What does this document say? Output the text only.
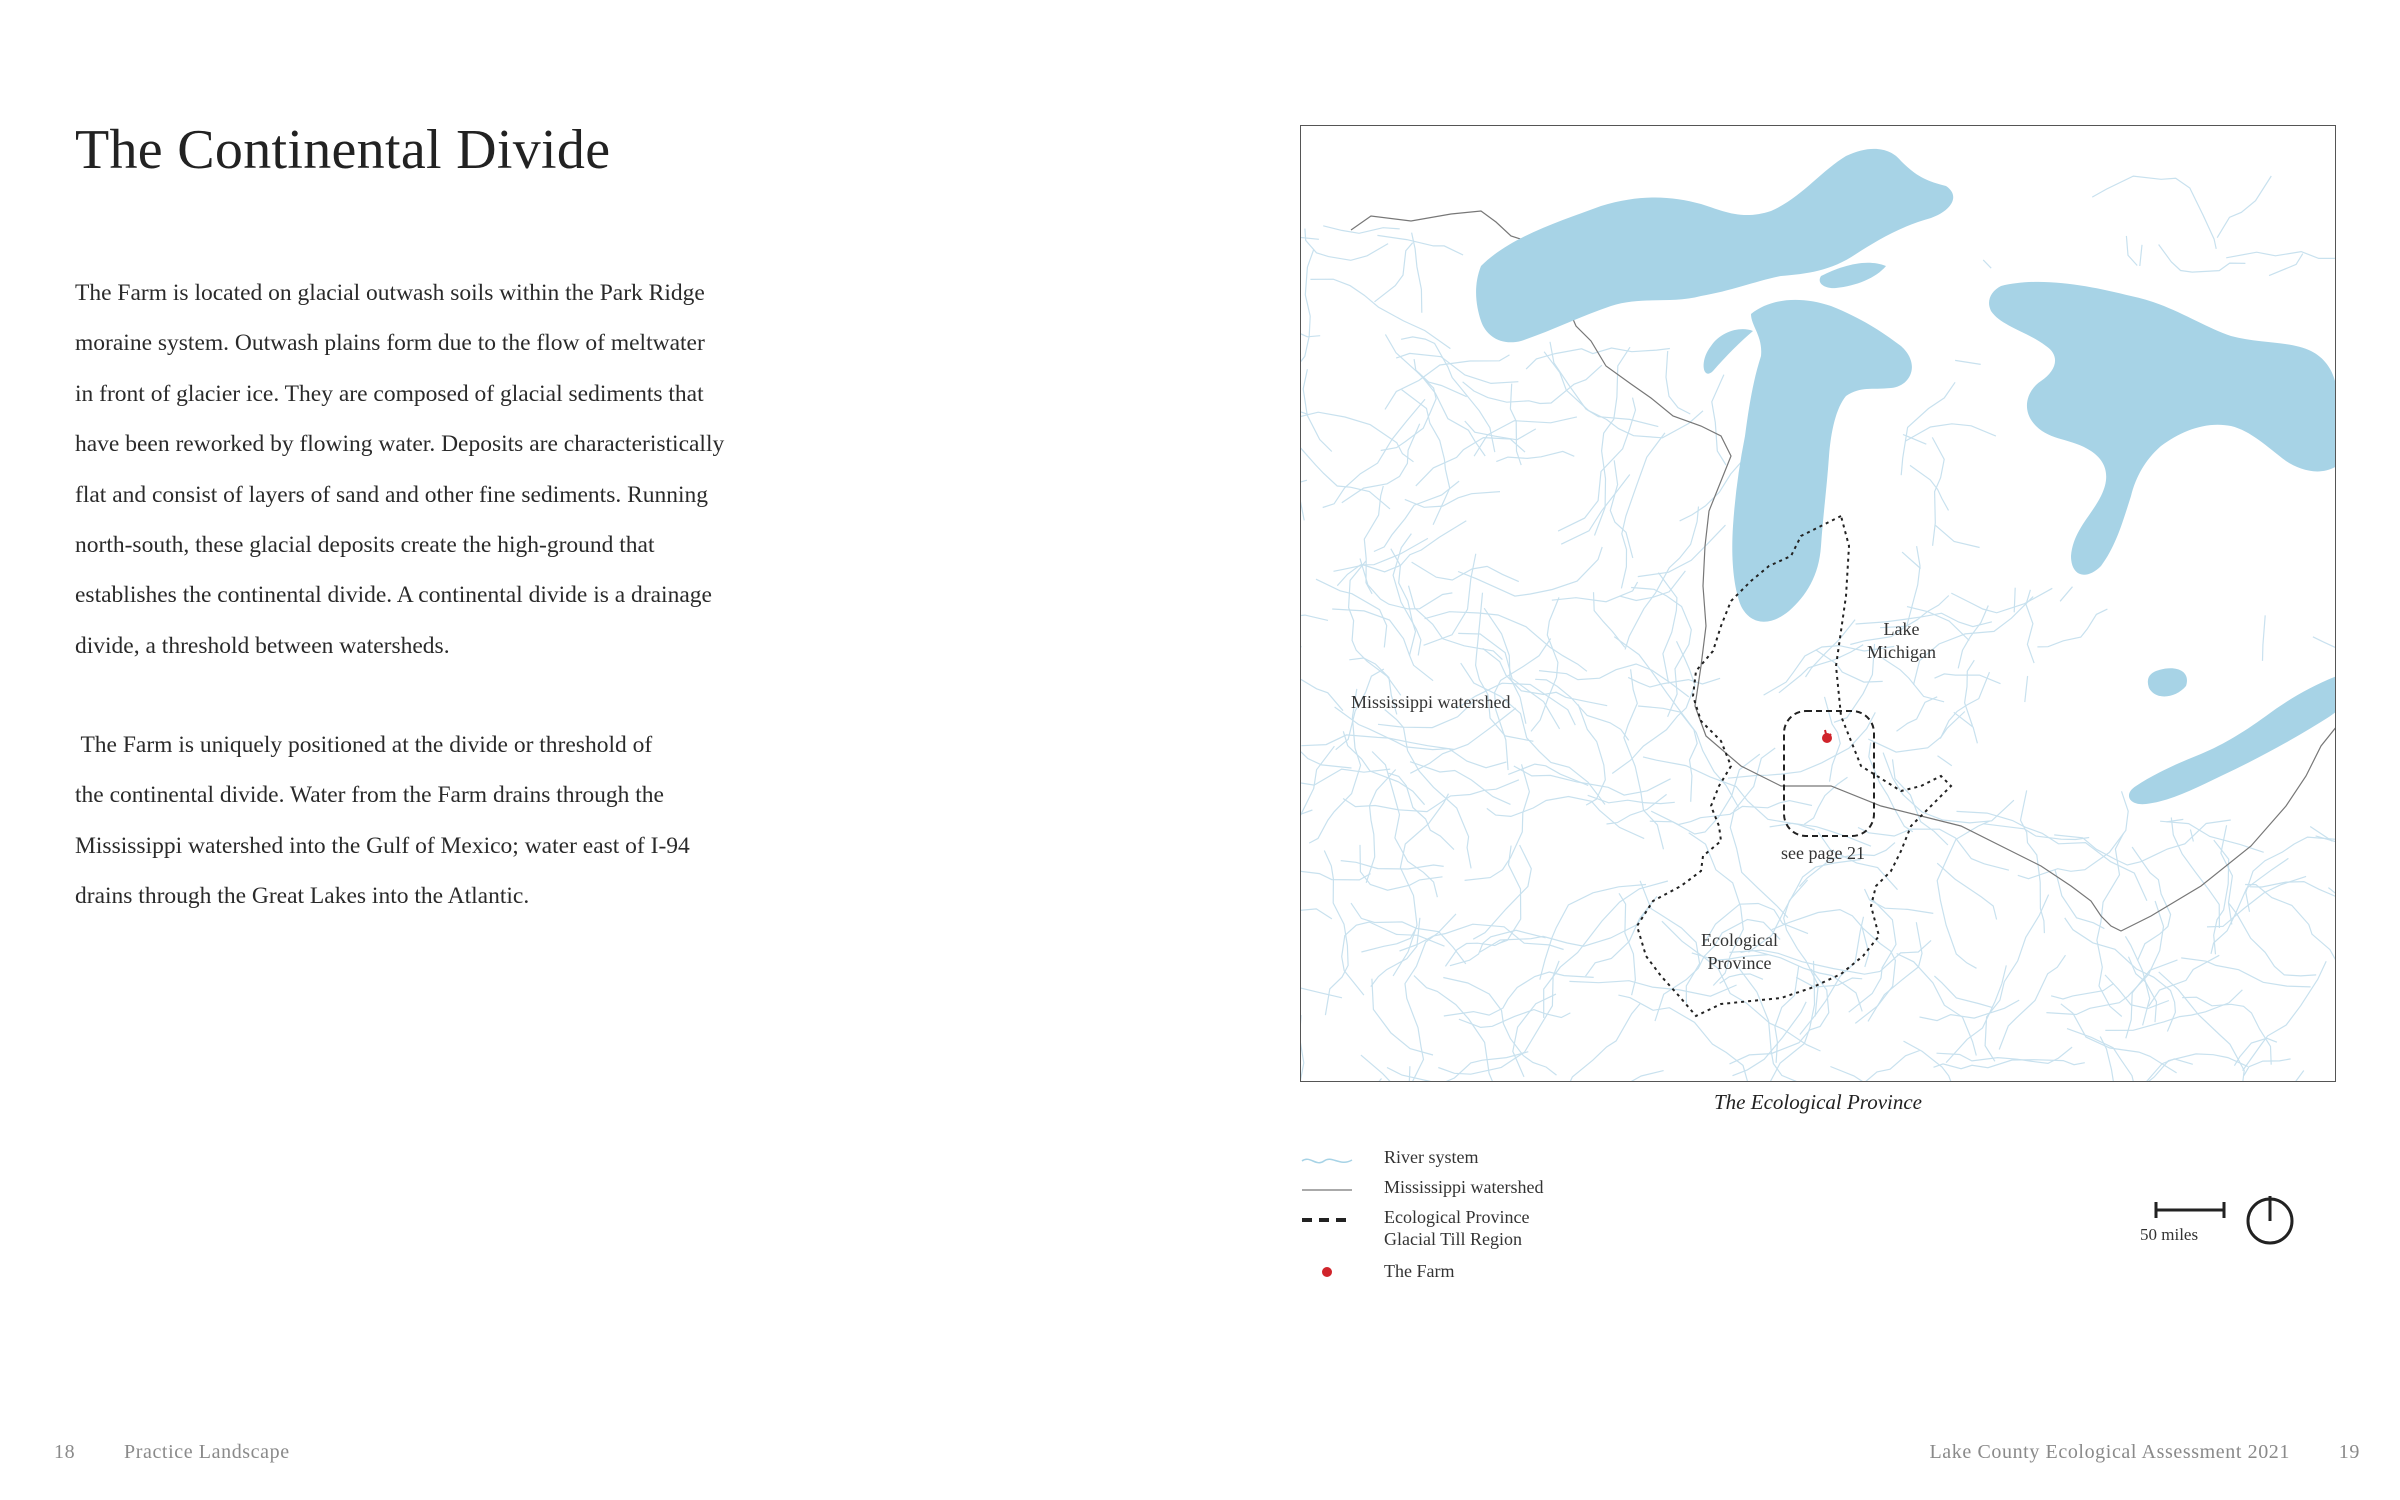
The Continental Divide
The Farm is located on glacial outwash soils within the Park Ridge
moraine system. Outwash plains form due to the flow of meltwater
in front of glacier ice. They are composed of glacial sediments that
have been reworked by flowing water. Deposits are characteristically
flat and consist of layers of sand and other fine sediments. Running
north-south, these glacial deposits create the high-ground that
establishes the continental divide. A continental divide is a drainage
divide, a threshold between watersheds.
The Farm is uniquely positioned at the divide or threshold of
the continental divide. Water from the Farm drains through the
Mississippi watershed into the Gulf of Mexico; water east of I-94
drains through the Great Lakes into the Atlantic.
Lake
Michigan
Mississippi watershed
see page 21
Ecological
Province
The Ecological Province
River system
Mississippi watershed
Ecological Province
Glacial Till Region
The Farm
50 miles
18 Practice Landscape	Lake County Ecological Assessment 2021 19
